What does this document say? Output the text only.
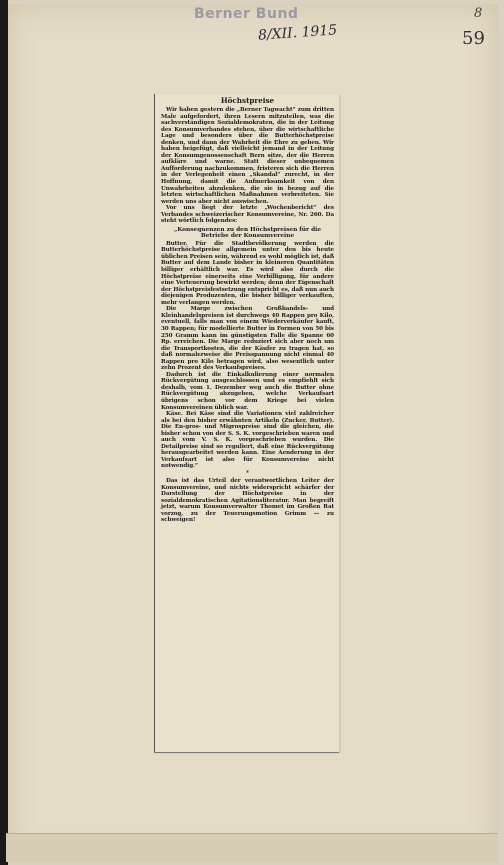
Berner Bund
8/XII. 1915
8
59
Höchstpreise

Wir haben gestern die „Berner Tagwacht“ zum dritten Male aufgefordert, ihren Lesern mitzuteilen, was die sachverständigen Sozialdemokraten, die in der Leitung des Konsumverbandes stehen, über die wirtschaftliche Lage und besonders über die Butterhöchstpreise denken, und dann der Wahrheit die Ehre zu geben. Wir haben beigefügt, daß vielleicht jemand in der Leitung der Konsumgenossenschaft Bern sitze, der die Herren aufkläre und warne. Statt dieser unbequemen Aufforderung nachzukommen, fristeren sich die Herren in der Verlegenheit einen „Skandal“ zurecht, in der Hoffnung, damit die Aufmerksamkeit von den Unwahrheiten abzulenken, die sie in bezug auf die letzten wirtschaftlichen Maßnahmen verbreiteten. Sie werden uns aber nicht auswischen.

Vor uns liegt der letzte „Wochenbericht“ des Verbandes schweizerischer Konsumvereine, Nr. 260. Da steht wörtlich folgendes:

„Konsequenzen zu den Höchstpreisen für die Betriebe der Konsumvereine

Butter. Für die Stadtbevölkerung werden die Butterhöchstpreise allgemein unter den bis heute üblichen Preisen sein, während es wohl möglich ist, daß Butter auf dem Lande bisher in kleineren Quantitäten billiger erhältlich war. Es wird also durch die Höchstpreise einerseits eine Verbilligung, für andere eine Verteuerung bewirkt werden; denn der Eigenschaft der Höchstpreisfestsetzung entspricht es, daß nun auch diejenigen Produzenten, die bisher billiger verkauften, mehr verlangen werden.

Die Marge zwischen Großhandels- und Kleinhandelspreisen ist durchwegs 40 Rappen pro Kilo, eventuell, falls man von einem Wiederverkäufer kauft, 30 Rappen; für modellierte Butter in Formen von 50 bis 250 Gramm kann im günstigsten Falle die Spanne 60 Rp. erreichen. Die Marge reduziert sich aber noch um die Transportkosten, die der Käufer zu tragen hat, so daß normalerweise die Preisspannung nicht einmal 40 Rappen pro Kilo betragen wird, also wesentlich unter zehn Prozent des Verkaufspreises.

Dadurch ist die Einkalkulierung einer normalen Rückvergütung ausgeschlossen und es empfiehlt sich deshalb, vom 1. Dezember weg auch die Butter ohne Rückvergütung abzugeben, welche Verkaufsart übrigens schon vor dem Kriege bei vielen Konsumvereinen üblich war.

Käse. Bei Käse sind die Variationen viel zahlreicher als bei den bisher erwähnten Artikeln (Zucker, Butter). Die En-gros- und Migrospreise sind die gleichen, die bisher schon von der S. S. K. vorgeschrieben waren und auch vom V. S. K. vorgeschrieben wurden. Die Detailpreise sind so reguliert, daß eine Rückvergütung herausgearbeitet werden kann. Eine Aenderung in der Verkaufsart ist also für Konsumvereine nicht notwendig.“

*

Das ist das Urteil der verantwortlichen Leiter der Konsumvereine, und nichts widerspricht schärfer der Darstellung der Höchstpreise in der sozialdemokratischen Agitationsliteratur. Man begreift jetzt, warum Konsumverwalter Thomet im Großen Rat vorzog, zu der Teuerungsmotion Grimm — zu schweigen!
